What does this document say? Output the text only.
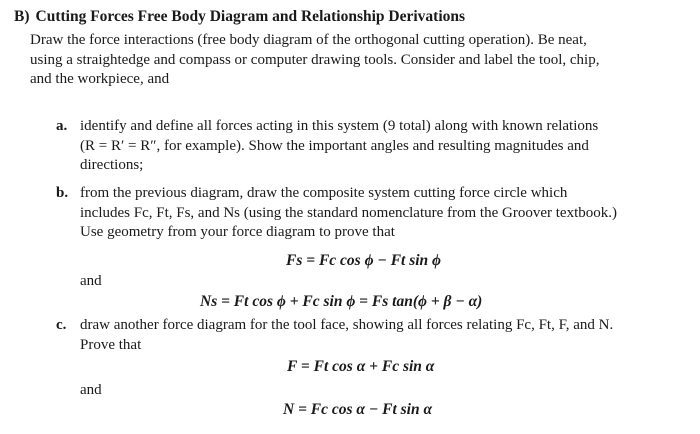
B) Cutting Forces Free Body Diagram and Relationship Derivations
Draw the force interactions (free body diagram of the orthogonal cutting operation). Be neat,
using a straightedge and compass or computer drawing tools. Consider and label the tool, chip,
and the workpiece, and
a. identify and define all forces acting in this system (9 total) along with known relations
(R = R′ = R″, for example). Show the important angles and resulting magnitudes and
directions;
b. from the previous diagram, draw the composite system cutting force circle which
includes Fc, Ft, Fs, and Ns (using the standard nomenclature from the Groover textbook.)
Use geometry from your force diagram to prove that
Fs = Fc cos ϕ − Ft sin ϕ
and
Ns = Ft cos ϕ + Fc sin ϕ = Fs tan(ϕ + β − α)
c. draw another force diagram for the tool face, showing all forces relating Fc, Ft, F, and N.
Prove that
F = Ft cos α + Fc sin α
and
N = Fc cos α − Ft sin α
